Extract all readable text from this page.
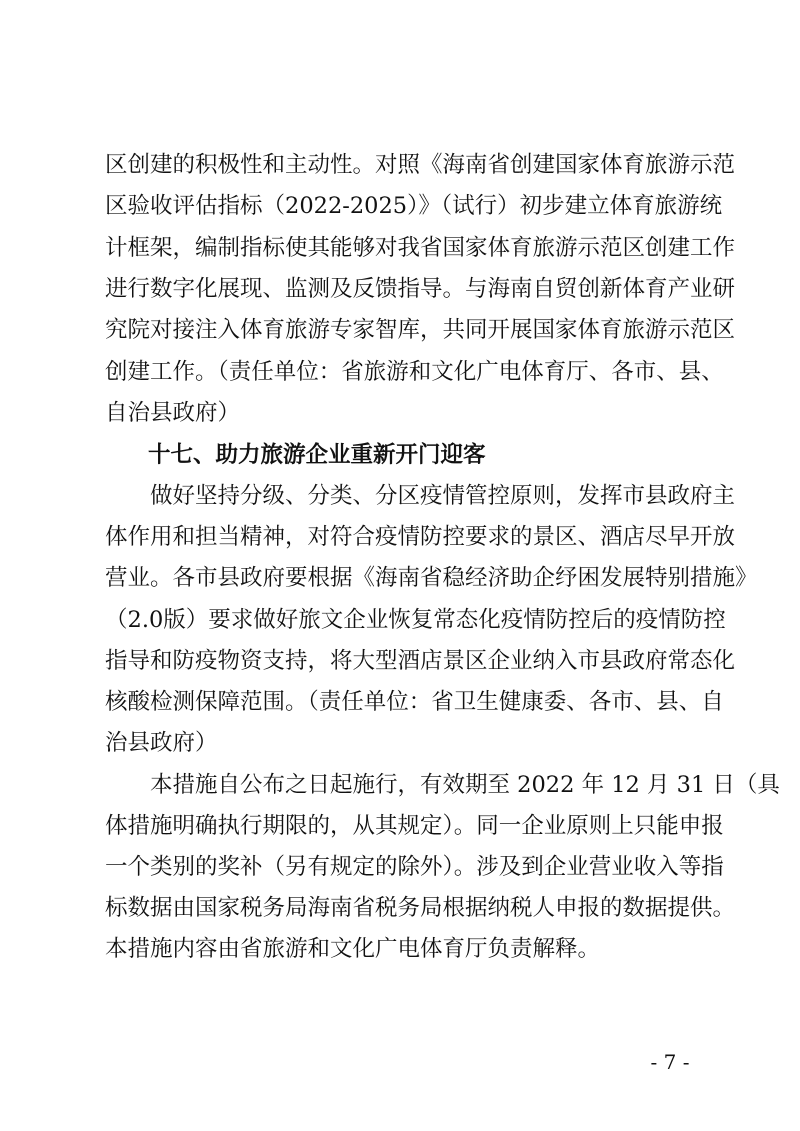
区创建的积极性和主动性。对照《海南省创建国家体育旅游示范

区验收评估指标（2022-2025）》（试行）初步建立体育旅游统

计框架，编制指标使其能够对我省国家体育旅游示范区创建工作

进行数字化展现、监测及反馈指导。与海南自贸创新体育产业研

究院对接注入体育旅游专家智库，共同开展国家体育旅游示范区

创建工作。（责任单位：省旅游和文化广电体育厅、各市、县、

自治县政府）

十七、助力旅游企业重新开门迎客

做好坚持分级、分类、分区疫情管控原则，发挥市县政府主

体作用和担当精神，对符合疫情防控要求的景区、酒店尽早开放

营业。各市县政府要根据《海南省稳经济助企纾困发展特别措施》

（2.0版）要求做好旅文企业恢复常态化疫情防控后的疫情防控

指导和防疫物资支持，将大型酒店景区企业纳入市县政府常态化

核酸检测保障范围。（责任单位：省卫生健康委、各市、县、自

治县政府）

本措施自公布之日起施行，有效期至 2022 年 12 月 31 日（具

体措施明确执行期限的，从其规定）。同一企业原则上只能申报

一个类别的奖补（另有规定的除外）。涉及到企业营业收入等指

标数据由国家税务局海南省税务局根据纳税人申报的数据提供。

本措施内容由省旅游和文化广电体育厅负责解释。

- 7 -
